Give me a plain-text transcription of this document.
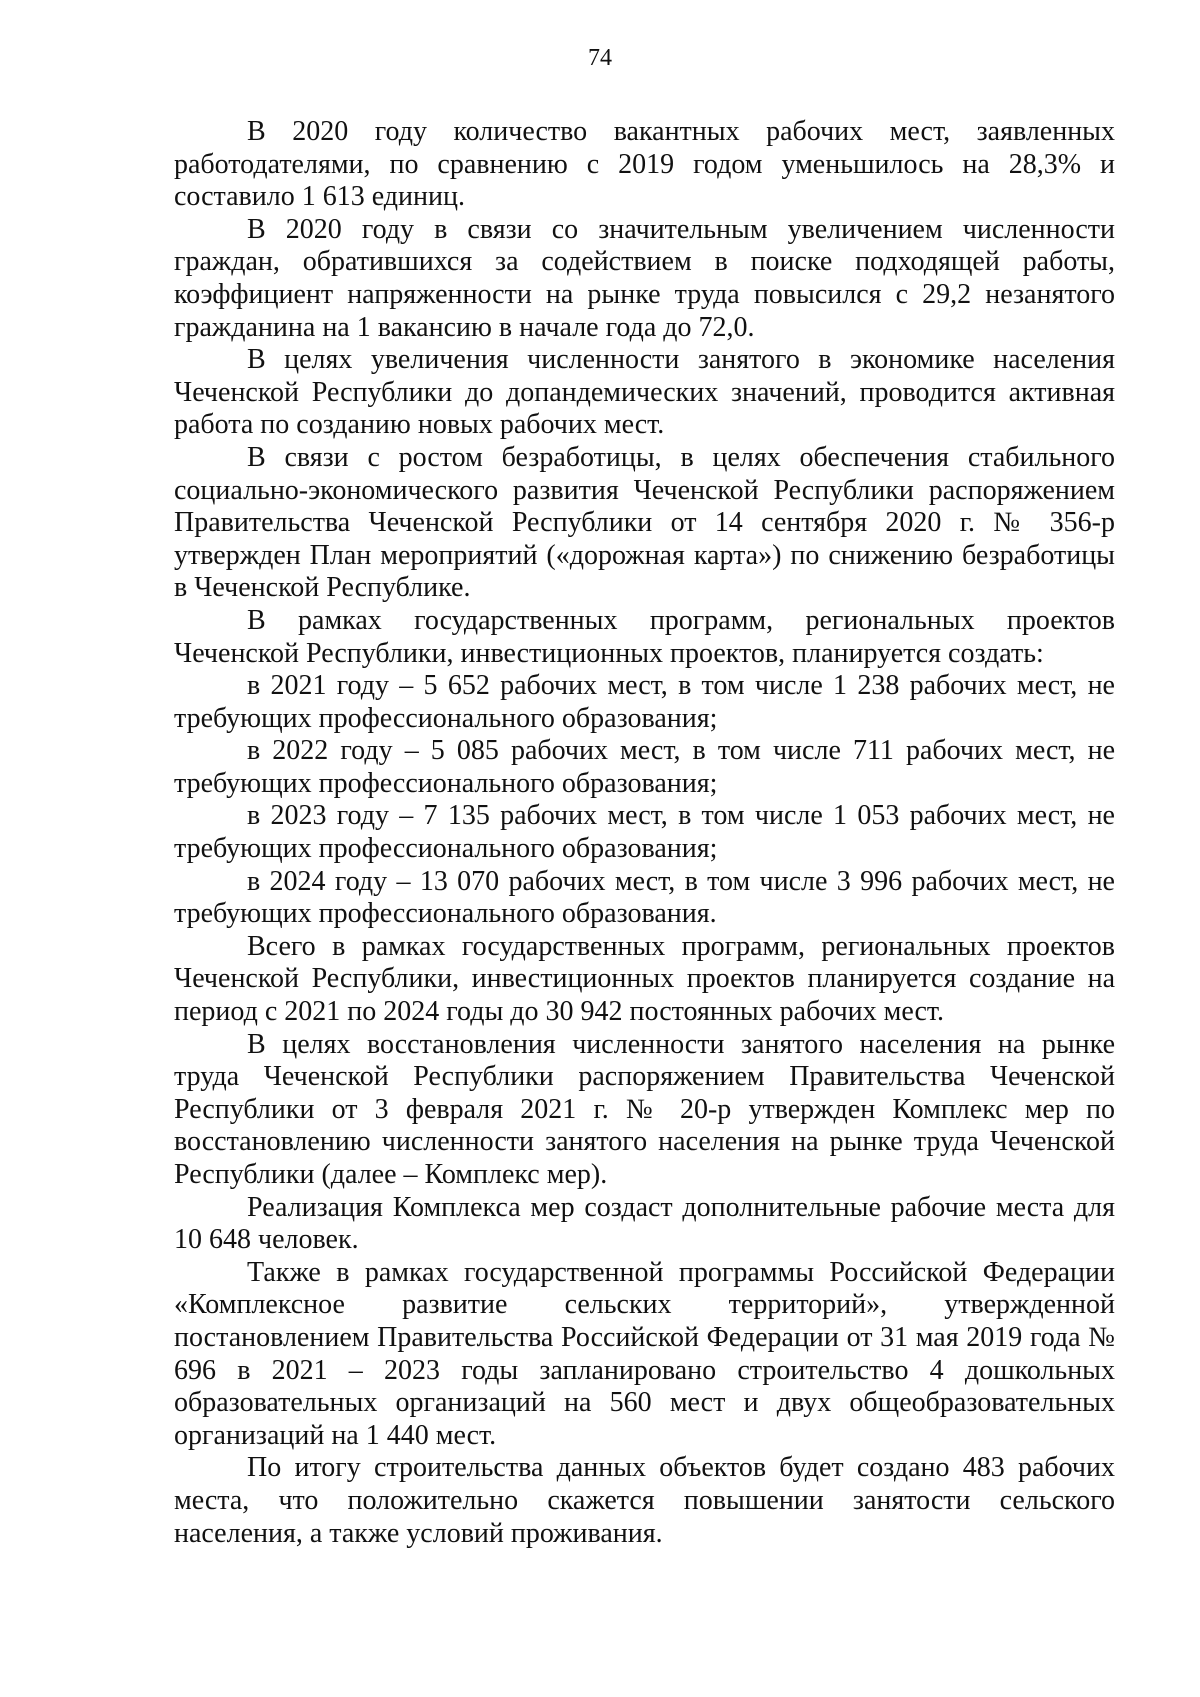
74

В 2020 году количество вакантных рабочих мест, заявленных работодателями, по сравнению с 2019 годом уменьшилось на 28,3% и составило 1 613 единиц.

В 2020 году в связи со значительным увеличением численности граждан, обратившихся за содействием в поиске подходящей работы, коэффициент напряженности на рынке труда повысился с 29,2 незанятого гражданина на 1 вакансию в начале года до 72,0.

В целях увеличения численности занятого в экономике населения Чеченской Республики до допандемических значений, проводится активная работа по созданию новых рабочих мест.

В связи с ростом безработицы, в целях обеспечения стабильного социально-экономического развития Чеченской Республики распоряжением Правительства Чеченской Республики от 14 сентября 2020 г. № 356-р утвержден План мероприятий («дорожная карта») по снижению безработицы в Чеченской Республике.

В рамках государственных программ, региональных проектов Чеченской Республики, инвестиционных проектов, планируется создать:

в 2021 году – 5 652 рабочих мест, в том числе 1 238 рабочих мест, не требующих профессионального образования;

в 2022 году – 5 085 рабочих мест, в том числе 711 рабочих мест, не требующих профессионального образования;

в 2023 году – 7 135 рабочих мест, в том числе 1 053 рабочих мест, не требующих профессионального образования;

в 2024 году – 13 070 рабочих мест, в том числе 3 996 рабочих мест, не требующих профессионального образования.

Всего в рамках государственных программ, региональных проектов Чеченской Республики, инвестиционных проектов планируется создание на период с 2021 по 2024 годы до 30 942 постоянных рабочих мест.

В целях восстановления численности занятого населения на рынке труда Чеченской Республики распоряжением Правительства Чеченской Республики от 3 февраля 2021 г. № 20-р утвержден Комплекс мер по восстановлению численности занятого населения на рынке труда Чеченской Республики (далее – Комплекс мер).

Реализация Комплекса мер создаст дополнительные рабочие места для 10 648 человек.

Также в рамках государственной программы Российской Федерации «Комплексное развитие сельских территорий», утвержденной постановлением Правительства Российской Федерации от 31 мая 2019 года № 696 в 2021 – 2023 годы запланировано строительство 4 дошкольных образовательных организаций на 560 мест и двух общеобразовательных организаций на 1 440 мест.

По итогу строительства данных объектов будет создано 483 рабочих места, что положительно скажется повышении занятости сельского населения, а также условий проживания.
